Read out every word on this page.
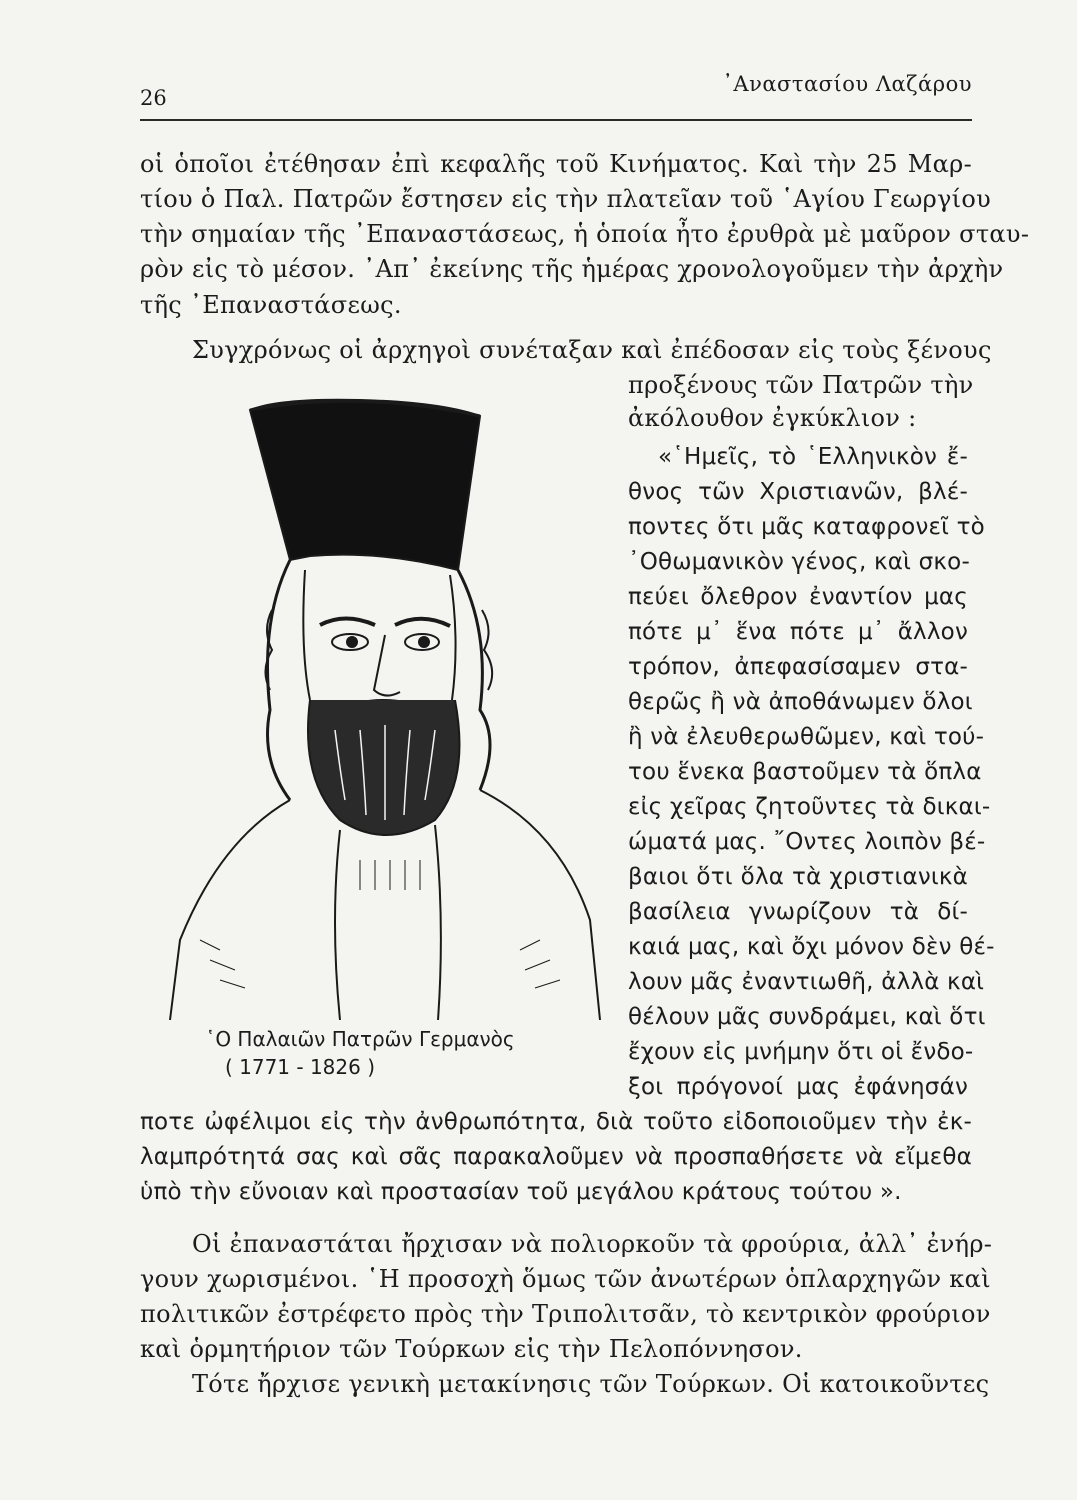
26
᾿Αναστασίου Λαζάρου
οἱ ὁποῖοι ἐτέθησαν ἐπὶ κεφαλῆς τοῦ Κινήματος. Καὶ τὴν 25 Μαρ-
τίου ὁ Παλ. Πατρῶν ἔστησεν εἰς τὴν πλατεῖαν τοῦ ῾Αγίου Γεωργίου
τὴν σημαίαν τῆς ᾿Επαναστάσεως, ἡ ὁποία ἦτο ἐρυθρὰ μὲ μαῦρον σταυ-
ρὸν εἰς τὸ μέσον. ᾿Απ᾿ ἐκείνης τῆς ἡμέρας χρονολογοῦμεν τὴν ἀρχὴν
τῆς ᾿Επαναστάσεως.
Συγχρόνως οἱ ἀρχηγοὶ συνέταξαν καὶ ἐπέδοσαν εἰς τοὺς ξένους
προξένους τῶν Πατρῶν τὴν
ἀκόλουθον ἐγκύκλιον :
«῾Ημεῖς, τὸ ῾Ελληνικὸν ἔ-
θνος τῶν Χριστιανῶν, βλέ-
ποντες ὅτι μᾶς καταφρονεῖ τὸ
᾿Οθωμανικὸν γένος, καὶ σκο-
πεύει ὄλεθρον ἐναντίον μας
πότε μ᾿ ἕνα πότε μ᾿ ἄλλον
τρόπον, ἀπεφασίσαμεν στα-
θερῶς ἢ νὰ ἀποθάνωμεν ὅλοι
ἢ νὰ ἐλευθερωθῶμεν, καὶ τού-
του ἕνεκα βαστοῦμεν τὰ ὅπλα
εἰς χεῖρας ζητοῦντες τὰ δικαι-
ώματά μας. ῎Οντες λοιπὸν βέ-
βαιοι ὅτι ὅλα τὰ χριστιανικὰ
βασίλεια γνωρίζουν τὰ δί-
καιά μας, καὶ ὄχι μόνον δὲν θέ-
λουν μᾶς ἐναντιωθῆ, ἀλλὰ καὶ
θέλουν μᾶς συνδράμει, καὶ ὅτι
ἔχουν εἰς μνήμην ὅτι οἱ ἔνδο-
ξοι πρόγονοί μας ἐφάνησάν
ποτε ὠφέλιμοι εἰς τὴν ἀνθρωπότητα, διὰ τοῦτο εἰδοποιοῦμεν τὴν ἐκ-
λαμπρότητά σας καὶ σᾶς παρακαλοῦμεν νὰ προσπαθήσετε νὰ εἴμεθα
ὑπὸ τὴν εὔνοιαν καὶ προστασίαν τοῦ μεγάλου κράτους τούτου ».
Οἱ ἐπαναστάται ἤρχισαν νὰ πολιορκοῦν τὰ φρούρια, ἀλλ᾿ ἐνήρ-
γουν χωρισμένοι. ῾Η προσοχὴ ὅμως τῶν ἀνωτέρων ὁπλαρχηγῶν καὶ
πολιτικῶν ἐστρέφετο πρὸς τὴν Τριπολιτσᾶν, τὸ κεντρικὸν φρούριον
καὶ ὁρμητήριον τῶν Τούρκων εἰς τὴν Πελοπόννησον.
Τότε ἤρχισε γενικὴ μετακίνησις τῶν Τούρκων. Οἱ κατοικοῦντες
῾Ο Παλαιῶν Πατρῶν Γερμανὸς
( 1771 - 1826 )
